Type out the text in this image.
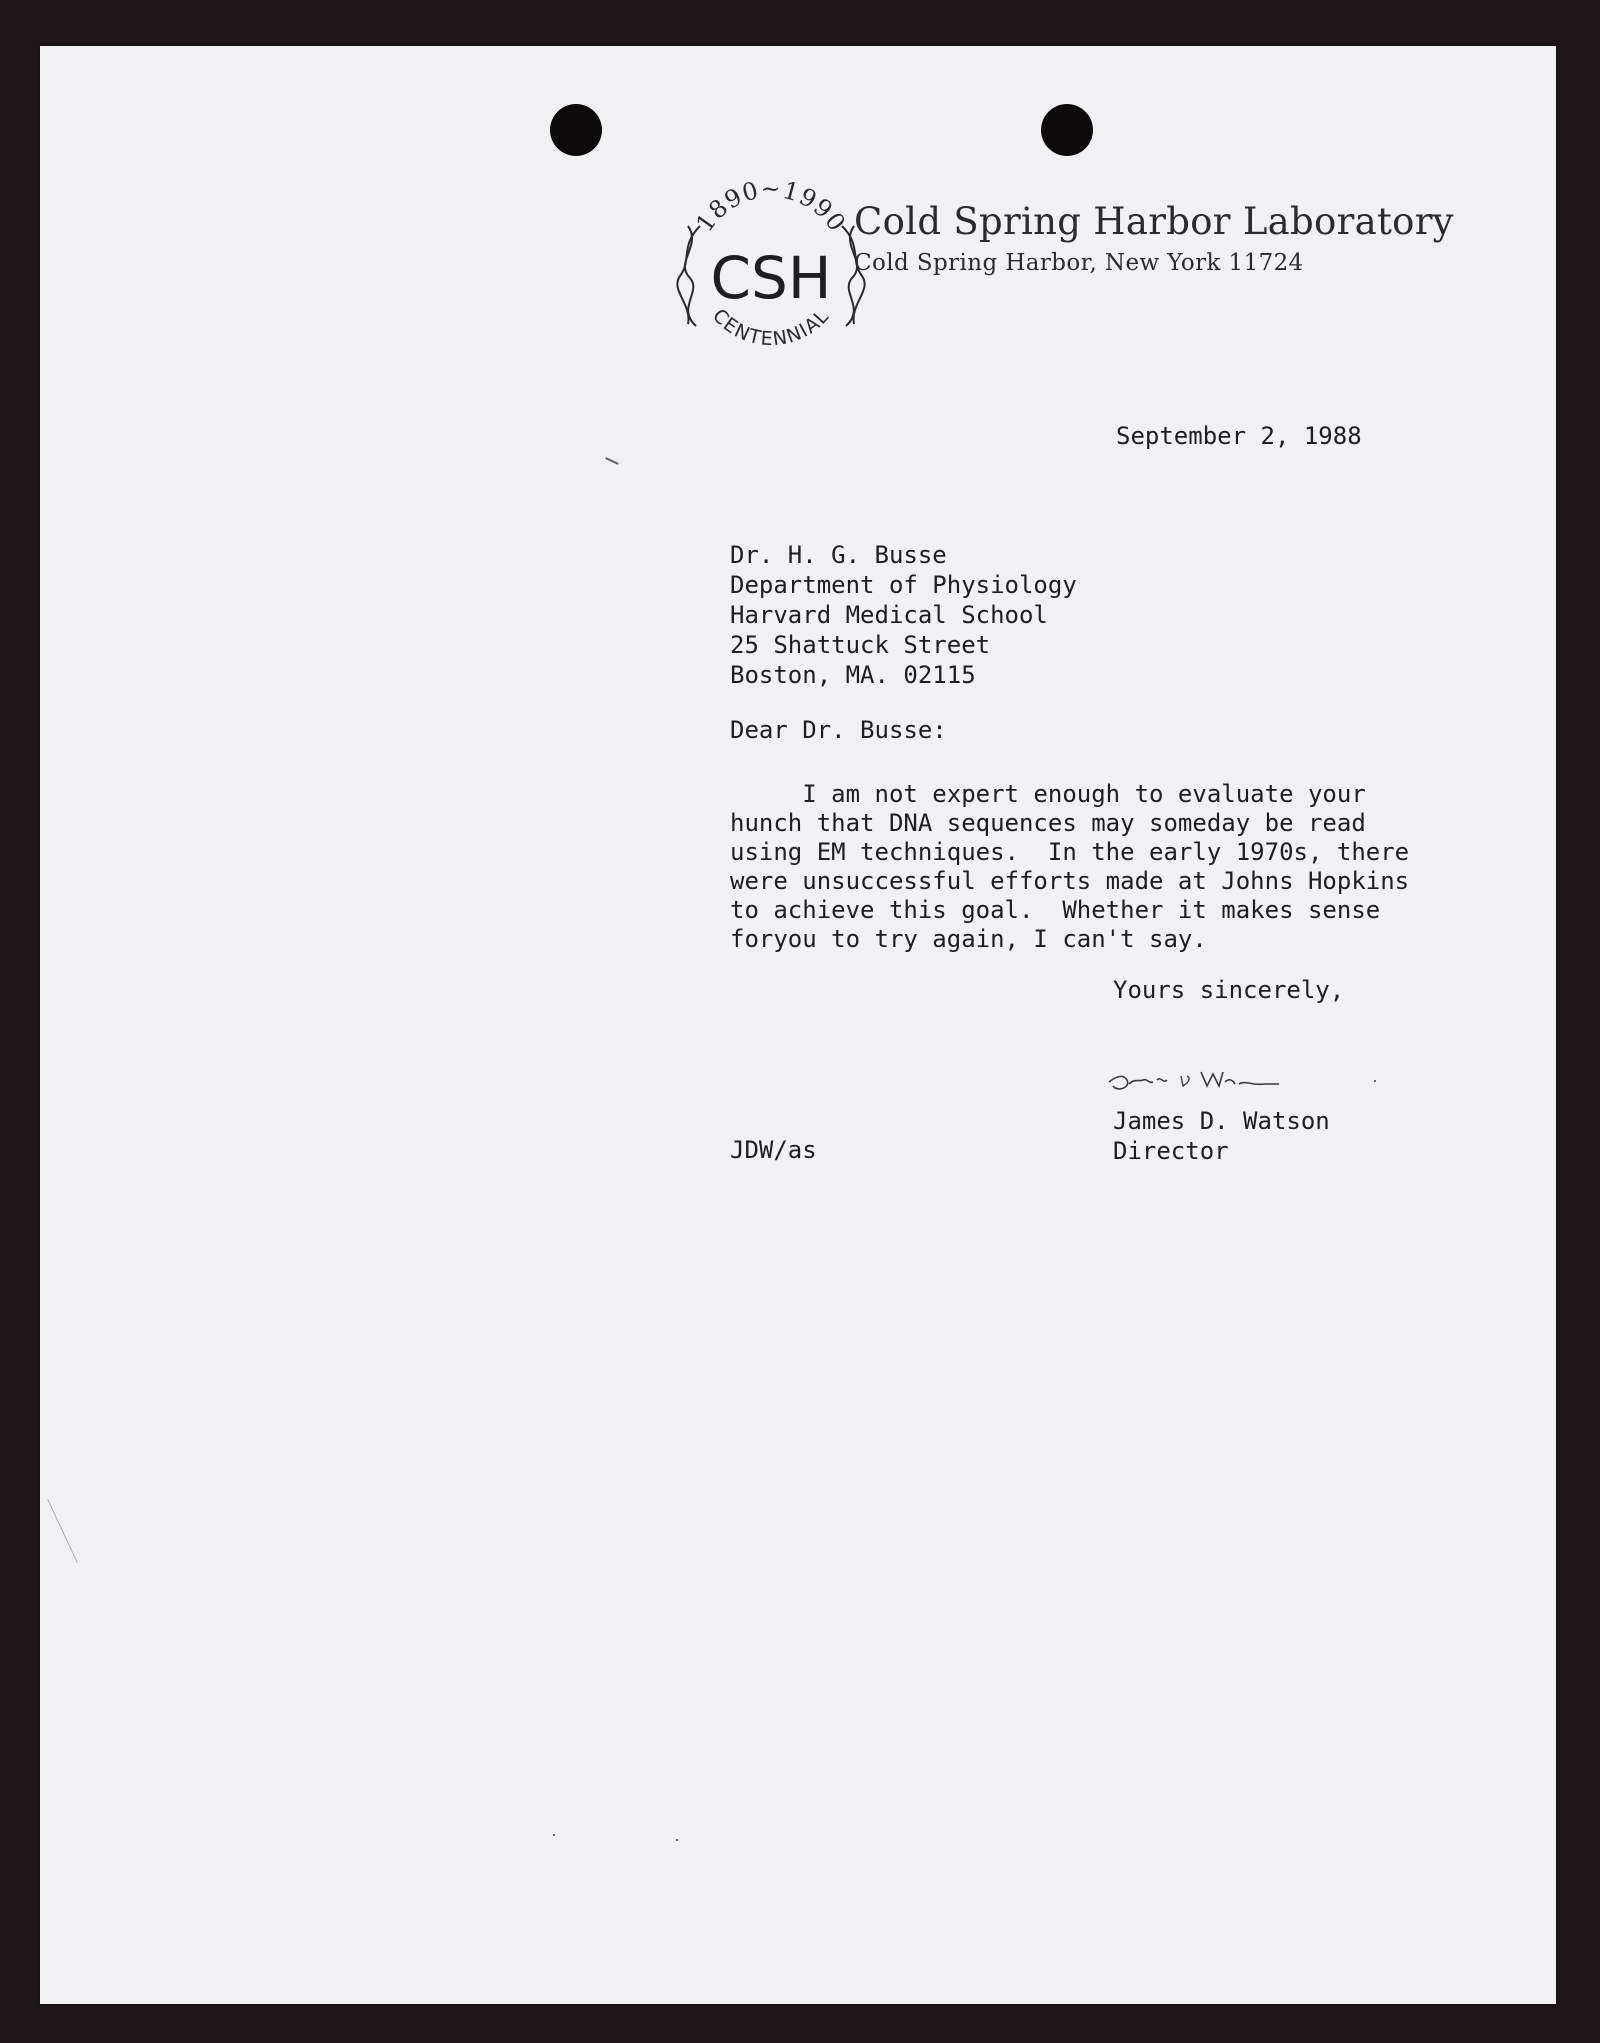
1890~1990
CENTENNIAL
CSH
Cold Spring Harbor Laboratory
Cold Spring Harbor, New York 11724

September 2, 1988

Dr. H. G. Busse
Department of Physiology
Harvard Medical School
25 Shattuck Street
Boston, MA. 02115

Dear Dr. Busse:

I am not expert enough to evaluate your
hunch that DNA sequences may someday be read
using EM techniques.  In the early 1970s, there
were unsuccessful efforts made at Johns Hopkins
to achieve this goal.  Whether it makes sense
foryou to try again, I can't say.

Yours sincerely,

James D. Watson
Director

JDW/as
